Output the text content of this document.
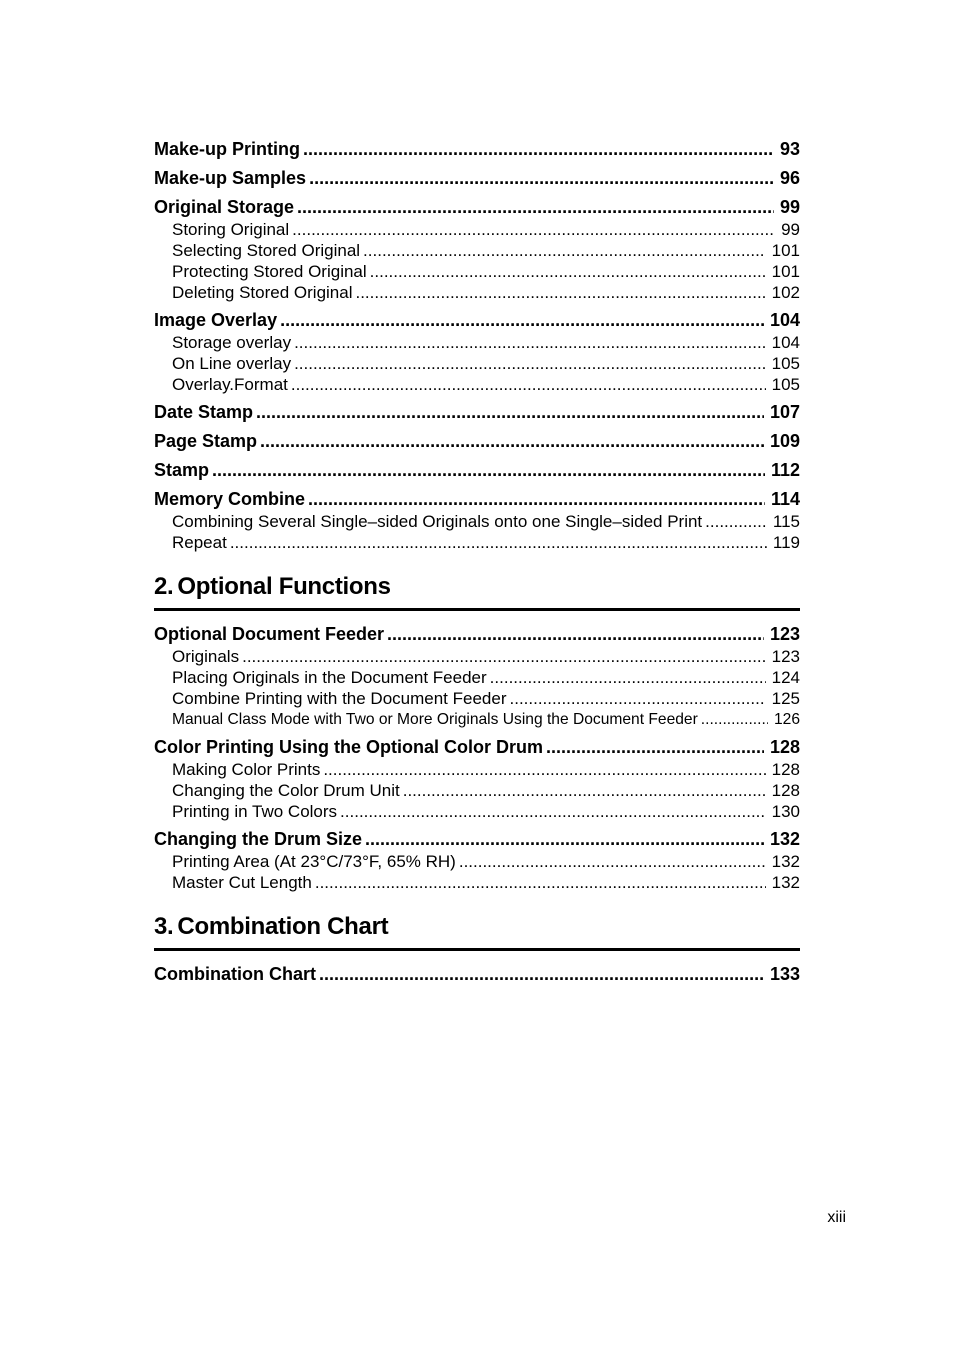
Make-up Printing .....	93
Make-up Samples .....	96
Original Storage .....	99
Storing Original .....	99
Selecting Stored Original .....	101
Protecting Stored Original .....	101
Deleting Stored Original .....	102
Image Overlay .....	104
Storage overlay .....	104
On Line overlay .....	105
Overlay.Format .....	105
Date Stamp .....	107
Page Stamp .....	109
Stamp .....	112
Memory Combine .....	114
Combining Several Single–sided Originals onto one Single–sided Print .....	115
Repeat .....	119
2. Optional Functions
Optional Document Feeder .....	123
Originals .....	123
Placing Originals in the Document Feeder .....	124
Combine Printing with the Document Feeder .....	125
Manual Class Mode with Two or More Originals Using the Document Feeder .....	126
Color Printing Using the Optional Color Drum .....	128
Making Color Prints .....	128
Changing the Color Drum Unit .....	128
Printing in Two Colors .....	130
Changing the Drum Size .....	132
Printing Area (At 23°C/73°F, 65% RH) .....	132
Master Cut Length .....	132
3. Combination Chart
Combination Chart .....	133
xiii
